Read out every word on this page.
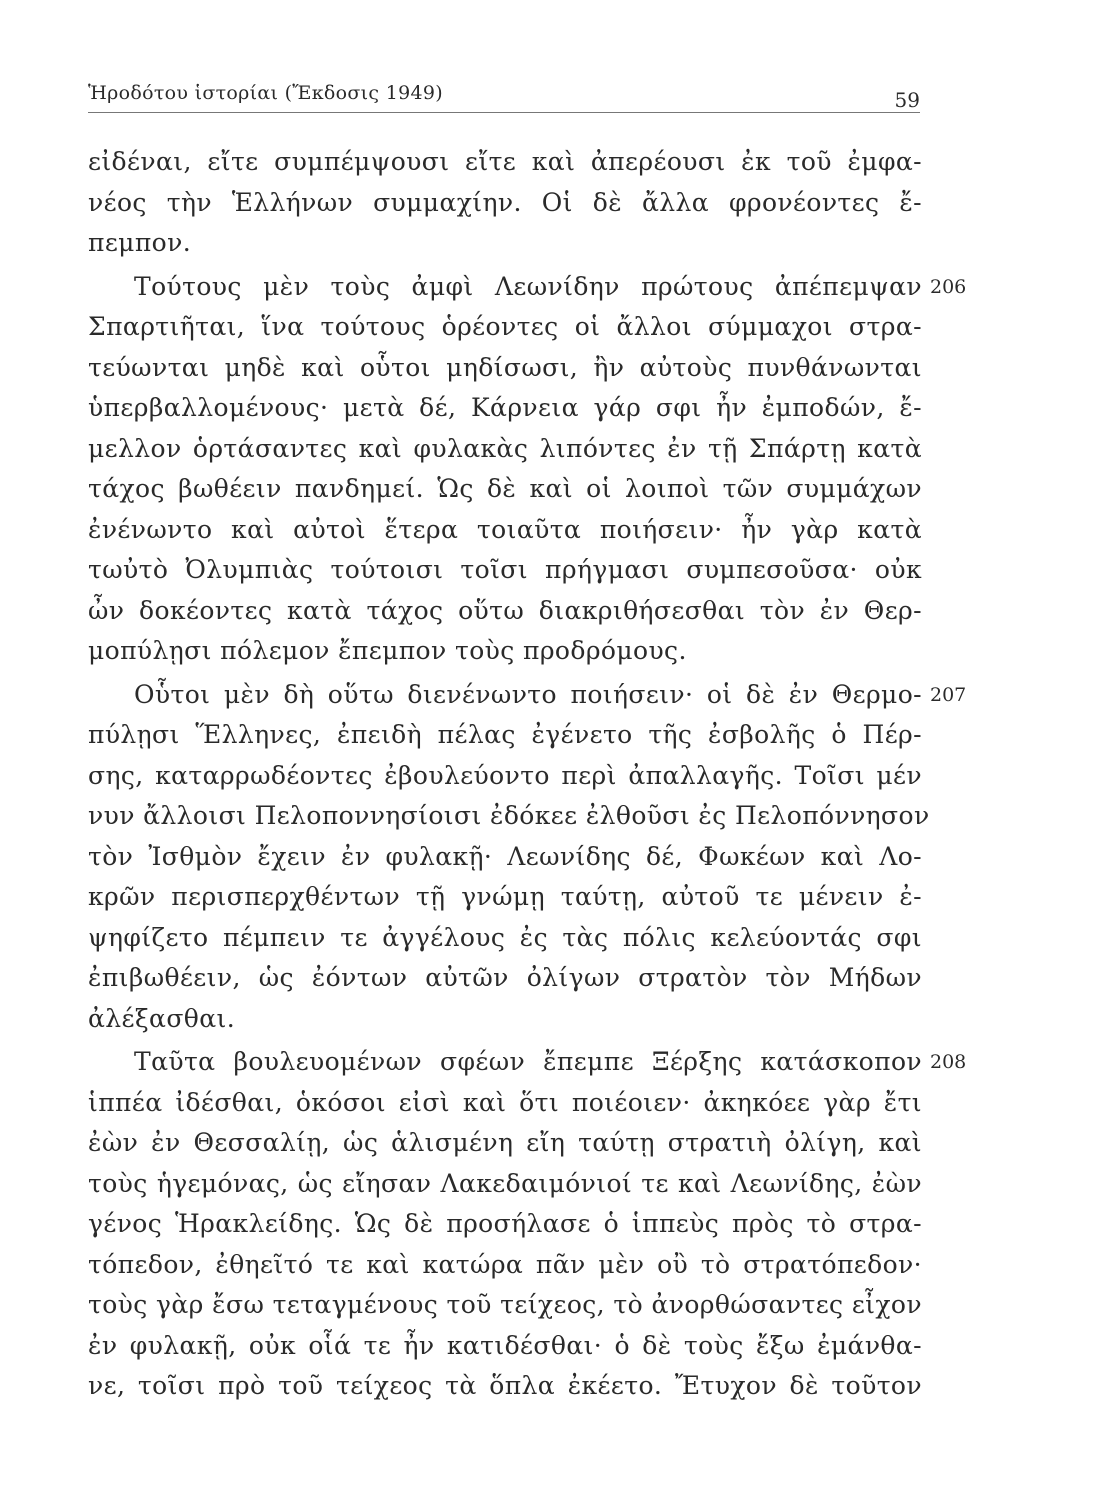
Ἡροδότου ἱστορίαι (Ἔκδοσις 1949)	59
εἰδέναι, εἴτε συμπέμψουσι εἴτε καὶ ἀπερέουσι ἐκ τοῦ ἐμφα-
νέος τὴν Ἑλλήνων συμμαχίην. Οἱ δὲ ἄλλα φρονέοντες ἔ-
πεμπον.
Τούτους μὲν τοὺς ἀμφὶ Λεωνίδην πρώτους ἀπέπεμψαν 206
Σπαρτιῆται, ἵνα τούτους ὁρέοντες οἱ ἄλλοι σύμμαχοι στρα-
τεύωνται μηδὲ καὶ οὗτοι μηδίσωσι, ἢν αὐτοὺς πυνθάνωνται
ὑπερβαλλομένους· μετὰ δέ, Κάρνεια γάρ σφι ἦν ἐμποδών, ἔ-
μελλον ὁρτάσαντες καὶ φυλακὰς λιπόντες ἐν τῇ Σπάρτῃ κατὰ
τάχος βωθέειν πανδημεί. Ὡς δὲ καὶ οἱ λοιποὶ τῶν συμμάχων
ἐνένωντο καὶ αὐτοὶ ἕτερα τοιαῦτα ποιήσειν· ἦν γὰρ κατὰ
τωὐτὸ Ὀλυμπιὰς τούτοισι τοῖσι πρήγμασι συμπεσοῦσα· οὐκ
ὦν δοκέοντες κατὰ τάχος οὕτω διακριθήσεσθαι τὸν ἐν Θερ-
μοπύλῃσι πόλεμον ἔπεμπον τοὺς προδρόμους.
Οὗτοι μὲν δὴ οὕτω διενένωντο ποιήσειν· οἱ δὲ ἐν Θερμο- 207
πύλῃσι Ἕλληνες, ἐπειδὴ πέλας ἐγένετο τῆς ἐσβολῆς ὁ Πέρ-
σης, καταρρωδέοντες ἐβουλεύοντο περὶ ἀπαλλαγῆς. Τοῖσι μέν
νυν ἄλλοισι Πελοποννησίοισι ἐδόκεε ἐλθοῦσι ἐς Πελοπόννησον
τὸν Ἰσθμὸν ἔχειν ἐν φυλακῇ· Λεωνίδης δέ, Φωκέων καὶ Λο-
κρῶν περισπερχθέντων τῇ γνώμῃ ταύτῃ, αὐτοῦ τε μένειν ἐ-
ψηφίζετο πέμπειν τε ἀγγέλους ἐς τὰς πόλις κελεύοντάς σφι
ἐπιβωθέειν, ὡς ἐόντων αὐτῶν ὀλίγων στρατὸν τὸν Μήδων
ἀλέξασθαι.
Ταῦτα βουλευομένων σφέων ἔπεμπε Ξέρξης κατάσκοπον 208
ἱππέα ἰδέσθαι, ὁκόσοι εἰσὶ καὶ ὅτι ποιέοιεν· ἀκηκόεε γὰρ ἔτι
ἐὼν ἐν Θεσσαλίῃ, ὡς ἁλισμένη εἴη ταύτῃ στρατιὴ ὀλίγη, καὶ
τοὺς ἡγεμόνας, ὡς εἴησαν Λακεδαιμόνιοί τε καὶ Λεωνίδης, ἐὼν
γένος Ἡρακλείδης. Ὡς δὲ προσήλασε ὁ ἱππεὺς πρὸς τὸ στρα-
τόπεδον, ἐθηεῖτό τε καὶ κατώρα πᾶν μὲν οὒ τὸ στρατόπεδον·
τοὺς γὰρ ἔσω τεταγμένους τοῦ τείχεος, τὸ ἀνορθώσαντες εἶχον
ἐν φυλακῇ, οὐκ οἷά τε ἦν κατιδέσθαι· ὁ δὲ τοὺς ἔξω ἐμάνθα-
νε, τοῖσι πρὸ τοῦ τείχεος τὰ ὅπλα ἐκέετο. Ἔτυχον δὲ τοῦτον
